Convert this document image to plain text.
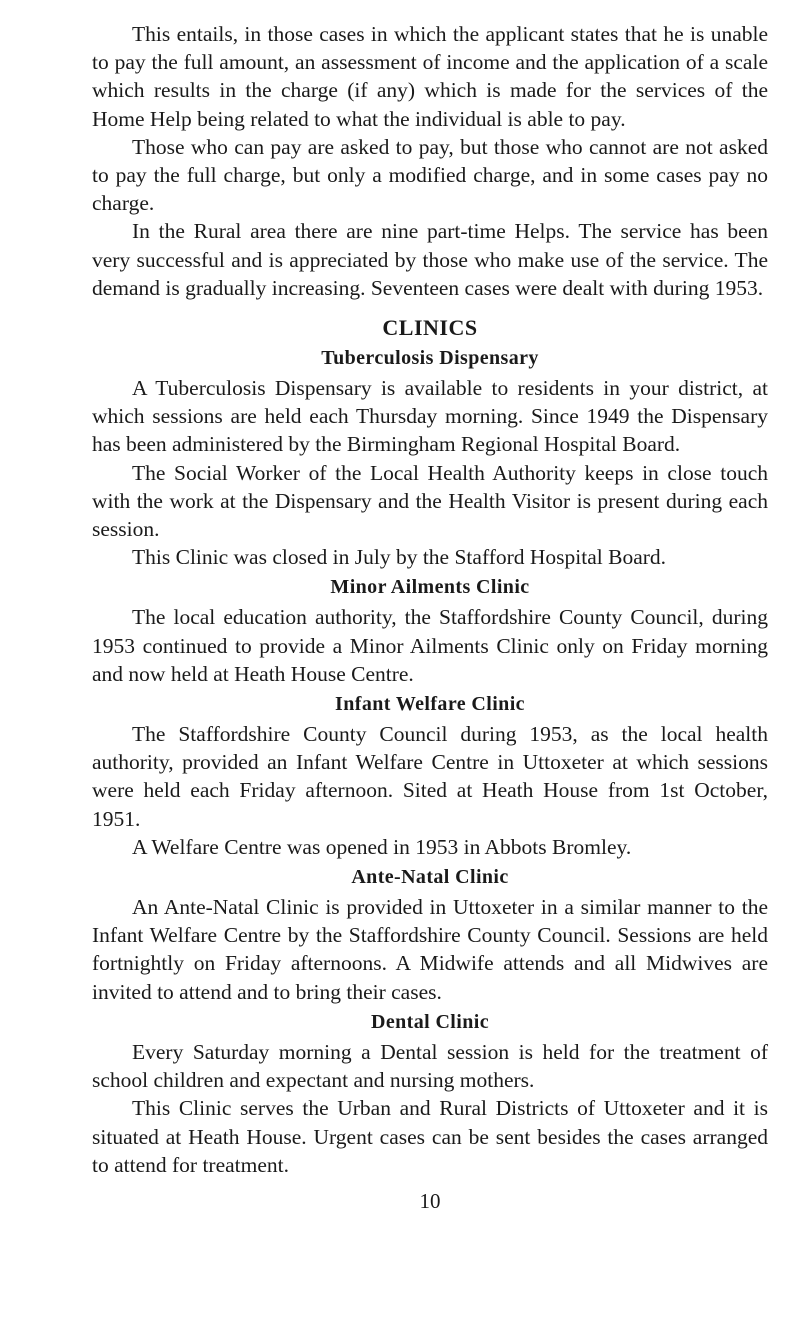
This entails, in those cases in which the applicant states that he is unable to pay the full amount, an assessment of income and the application of a scale which results in the charge (if any) which is made for the services of the Home Help being related to what the individual is able to pay.

Those who can pay are asked to pay, but those who cannot are not asked to pay the full charge, but only a modified charge, and in some cases pay no charge.

In the Rural area there are nine part-time Helps. The service has been very successful and is appreciated by those who make use of the service. The demand is gradually increasing. Seventeen cases were dealt with during 1953.

CLINICS
Tuberculosis Dispensary

A Tuberculosis Dispensary is available to residents in your district, at which sessions are held each Thursday morning. Since 1949 the Dispensary has been administered by the Birmingham Regional Hospital Board.

The Social Worker of the Local Health Authority keeps in close touch with the work at the Dispensary and the Health Visitor is present during each session.

This Clinic was closed in July by the Stafford Hospital Board.

Minor Ailments Clinic

The local education authority, the Staffordshire County Council, during 1953 continued to provide a Minor Ailments Clinic only on Friday morning and now held at Heath House Centre.

Infant Welfare Clinic

The Staffordshire County Council during 1953, as the local health authority, provided an Infant Welfare Centre in Uttoxeter at which sessions were held each Friday afternoon. Sited at Heath House from 1st October, 1951.

A Welfare Centre was opened in 1953 in Abbots Bromley.

Ante-Natal Clinic

An Ante-Natal Clinic is provided in Uttoxeter in a similar manner to the Infant Welfare Centre by the Staffordshire County Council. Sessions are held fortnightly on Friday afternoons. A Midwife attends and all Midwives are invited to attend and to bring their cases.

Dental Clinic

Every Saturday morning a Dental session is held for the treatment of school children and expectant and nursing mothers.

This Clinic serves the Urban and Rural Districts of Uttoxeter and it is situated at Heath House. Urgent cases can be sent besides the cases arranged to attend for treatment.

10
